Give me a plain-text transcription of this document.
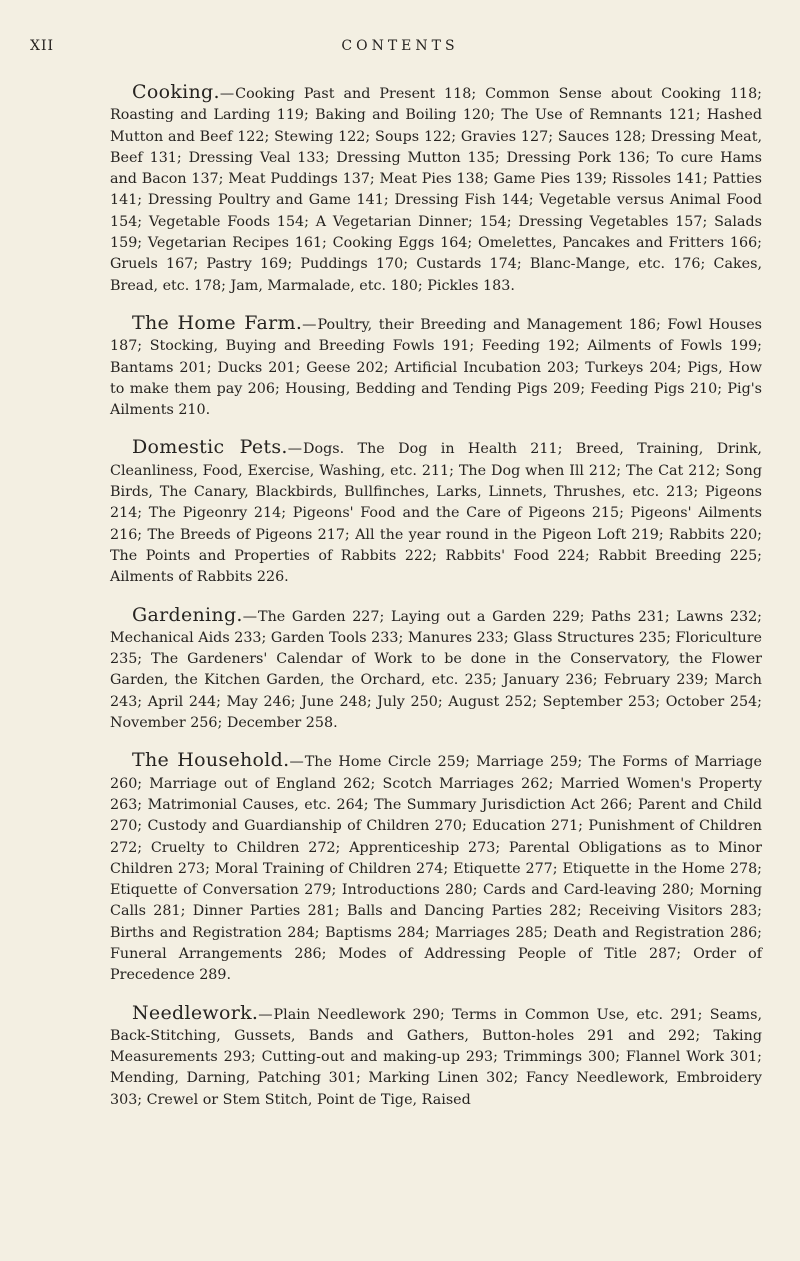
XII	CONTENTS

Cooking.—Cooking Past and Present 118; Common Sense about Cooking 118; Roasting and Larding 119; Baking and Boiling 120; The Use of Remnants 121; Hashed Mutton and Beef 122; Stewing 122; Soups 122; Gravies 127; Sauces 128; Dressing Meat, Beef 131; Dressing Veal 133; Dressing Mutton 135; Dressing Pork 136; To cure Hams and Bacon 137; Meat Puddings 137; Meat Pies 138; Game Pies 139; Rissoles 141; Patties 141; Dressing Poultry and Game 141; Dressing Fish 144; Vegetable versus Animal Food 154; Vegetable Foods 154; A Vegetarian Dinner; 154; Dressing Vegetables 157; Salads 159; Vegetarian Recipes 161; Cooking Eggs 164; Omelettes, Pancakes and Fritters 166; Gruels 167; Pastry 169; Puddings 170; Custards 174; Blanc-Mange, etc. 176; Cakes, Bread, etc. 178; Jam, Marmalade, etc. 180; Pickles 183.

The Home Farm.—Poultry, their Breeding and Management 186; Fowl Houses 187; Stocking, Buying and Breeding Fowls 191; Feeding 192; Ailments of Fowls 199; Bantams 201; Ducks 201; Geese 202; Artificial Incubation 203; Turkeys 204; Pigs, How to make them pay 206; Housing, Bedding and Tending Pigs 209; Feeding Pigs 210; Pig's Ailments 210.

Domestic Pets.—Dogs. The Dog in Health 211; Breed, Training, Drink, Cleanliness, Food, Exercise, Washing, etc. 211; The Dog when Ill 212; The Cat 212; Song Birds, The Canary, Blackbirds, Bullfinches, Larks, Linnets, Thrushes, etc. 213; Pigeons 214; The Pigeonry 214; Pigeons' Food and the Care of Pigeons 215; Pigeons' Ailments 216; The Breeds of Pigeons 217; All the year round in the Pigeon Loft 219; Rabbits 220; The Points and Properties of Rabbits 222; Rabbits' Food 224; Rabbit Breeding 225; Ailments of Rabbits 226.

Gardening.—The Garden 227; Laying out a Garden 229; Paths 231; Lawns 232; Mechanical Aids 233; Garden Tools 233; Manures 233; Glass Structures 235; Floriculture 235; The Gardeners' Calendar of Work to be done in the Conservatory, the Flower Garden, the Kitchen Garden, the Orchard, etc. 235; January 236; February 239; March 243; April 244; May 246; June 248; July 250; August 252; September 253; October 254; November 256; December 258.

The Household.—The Home Circle 259; Marriage 259; The Forms of Marriage 260; Marriage out of England 262; Scotch Marriages 262; Married Women's Property 263; Matrimonial Causes, etc. 264; The Summary Jurisdiction Act 266; Parent and Child 270; Custody and Guardianship of Children 270; Education 271; Punishment of Children 272; Cruelty to Children 272; Apprenticeship 273; Parental Obligations as to Minor Children 273; Moral Training of Children 274; Etiquette 277; Etiquette in the Home 278; Etiquette of Conversation 279; Introductions 280; Cards and Card-leaving 280; Morning Calls 281; Dinner Parties 281; Balls and Dancing Parties 282; Receiving Visitors 283; Births and Registration 284; Baptisms 284; Marriages 285; Death and Registration 286; Funeral Arrangements 286; Modes of Addressing People of Title 287; Order of Precedence 289.

Needlework.—Plain Needlework 290; Terms in Common Use, etc. 291; Seams, Back-Stitching, Gussets, Bands and Gathers, Button-holes 291 and 292; Taking Measurements 293; Cutting-out and making-up 293; Trimmings 300; Flannel Work 301; Mending, Darning, Patching 301; Marking Linen 302; Fancy Needlework, Embroidery 303; Crewel or Stem Stitch, Point de Tige, Raised
